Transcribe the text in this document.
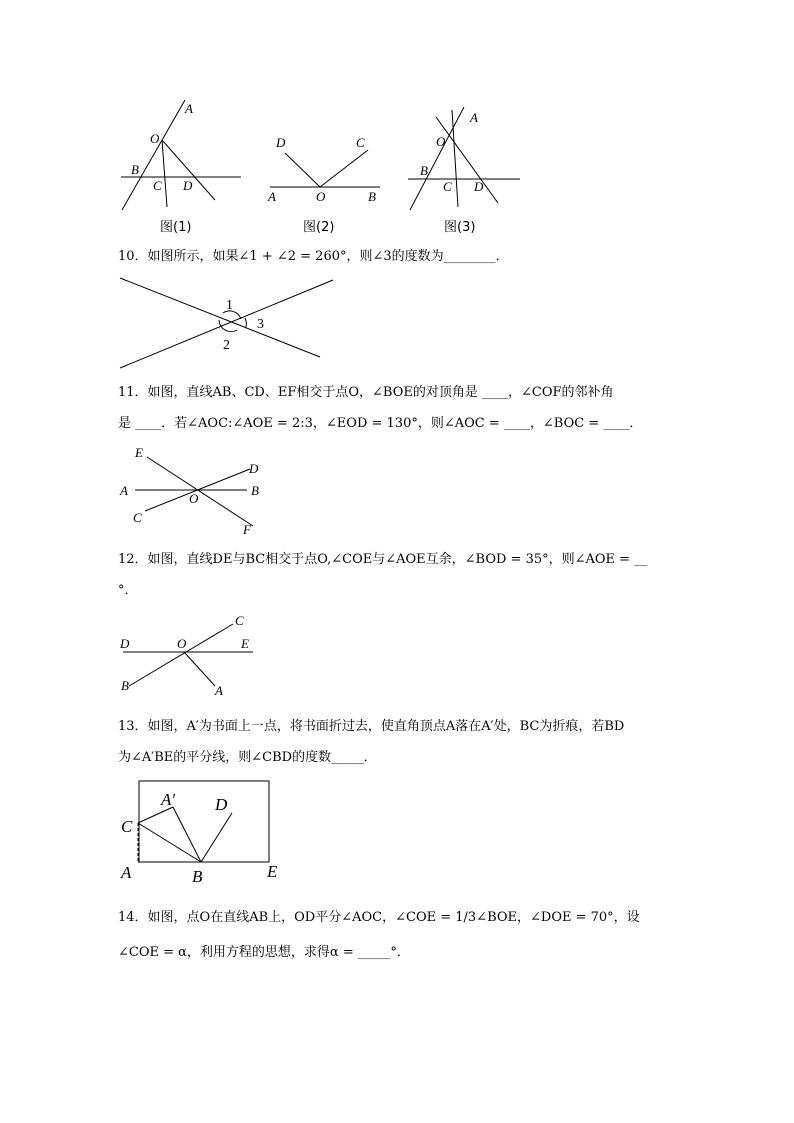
A
O
B
C D
图(1)
D	C
A	O	B
图(2)
A
O
B
C D
图(3)
10．如图所示，如果∠1 + ∠2 = 260°，则∠3的度数为________．
1
2
3
11．如图，直线AB、CD、EF相交于点O，∠BOE的对顶角是 ____，∠COF的邻补角
是 ____．若∠AOC:∠AOE = 2:3，∠EOD = 130°，则∠AOC = ____，∠BOC = ____．
E
D
A
O
B
C
F
12．如图，直线DE与BC相交于点O,∠COE与∠AOE互余，∠BOD = 35°，则∠AOE = __
°．
C
D	O	E
B	A
13．如图，A′为书面上一点，将书面折过去，使直角顶点A落在A′处，BC为折痕，若BD
为∠A′BE的平分线，则∠CBD的度数_____．
A′ D
C
A	B	E
14．如图，点O在直线AB上，OD平分∠AOC，∠COE = 1/3∠BOE，∠DOE = 70°，设
∠COE = α，利用方程的思想，求得α = _____°．
